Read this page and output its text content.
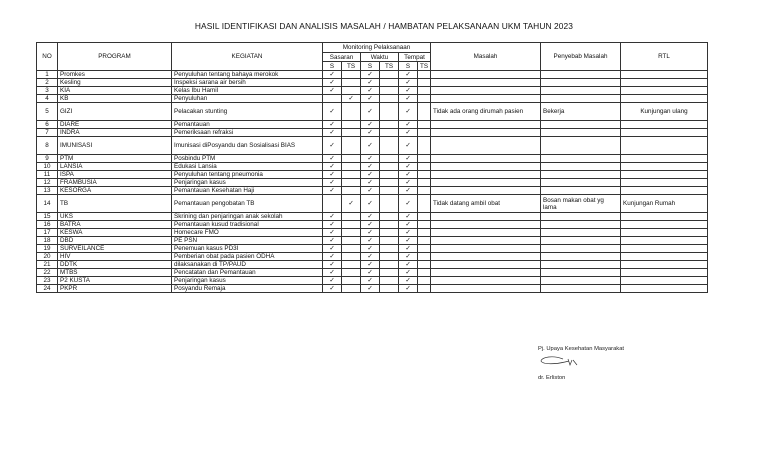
HASIL IDENTIFIKASI DAN ANALISIS MASALAH / HAMBATAN PELAKSANAAN UKM TAHUN 2023
NO	PROGRAM	KEGIATAN	Monitoring Pelaksanaan						Masalah	Penyebab Masalah	RTL
			Sasaran		Waktu		Tempat				
			S	TS	S	TS	S	TS			
1	Promkes	Penyuluhan tentang bahaya merokok	✓		✓		✓				
2	Kesling	Inspeksi sarana air bersih	✓		✓		✓				
3	KIA	Kelas Ibu Hamil	✓		✓		✓				
4	KB	Penyuluhan		✓	✓		✓				
5	GIZI	Pelacakan stunting	✓		✓		✓		Tidak ada orang dirumah pasien	Bekerja	Kunjungan ulang
6	DIARE	Pemantauan	✓		✓		✓				
7	INDRA	Pemeriksaan refraksi	✓		✓		✓				
8	IMUNISASI	Imunisasi diPosyandu dan Sosialisasi BIAS	✓		✓		✓				
9	PTM	Posbindu PTM	✓		✓		✓				
10	LANSIA	Edukasi Lansia	✓		✓		✓				
11	ISPA	Penyuluhan tentang pneumonia	✓		✓		✓				
12	FRAMBUSIA	Penjaringan kasus	✓		✓		✓				
13	KESORGA	Pemantauan Kesehatan Haji	✓		✓		✓				
14	TB	Pemantauan pengobatan TB		✓	✓		✓		Tidak datang ambil obat	Bosan makan obat yg lama	Kunjungan Rumah
15	UKS	Skrining dan penjaringan anak sekolah	✓		✓		✓				
16	BATRA	Pemantauan kusud tradisional	✓		✓		✓				
17	KESWA	Homecare FMO	✓		✓		✓				
18	DBD	PE PSN	✓		✓		✓				
19	SURVEILANCE	Penemuan kasus PD3I	✓		✓		✓				
20	HIV	Pemberian obat pada pasien ODHA	✓		✓		✓				
21	DDTK	dilaksanakan di TP/PAUD	✓		✓		✓				
22	MTBS	Pencatatan dan Pemantauan	✓		✓		✓				
23	P2 KUSTA	Penjaringan kasus	✓		✓		✓				
24	PKPR	Posyandu Remaja	✓		✓		✓				
Pj. Upaya Kesehatan Masyarakat
dr. Erliston
